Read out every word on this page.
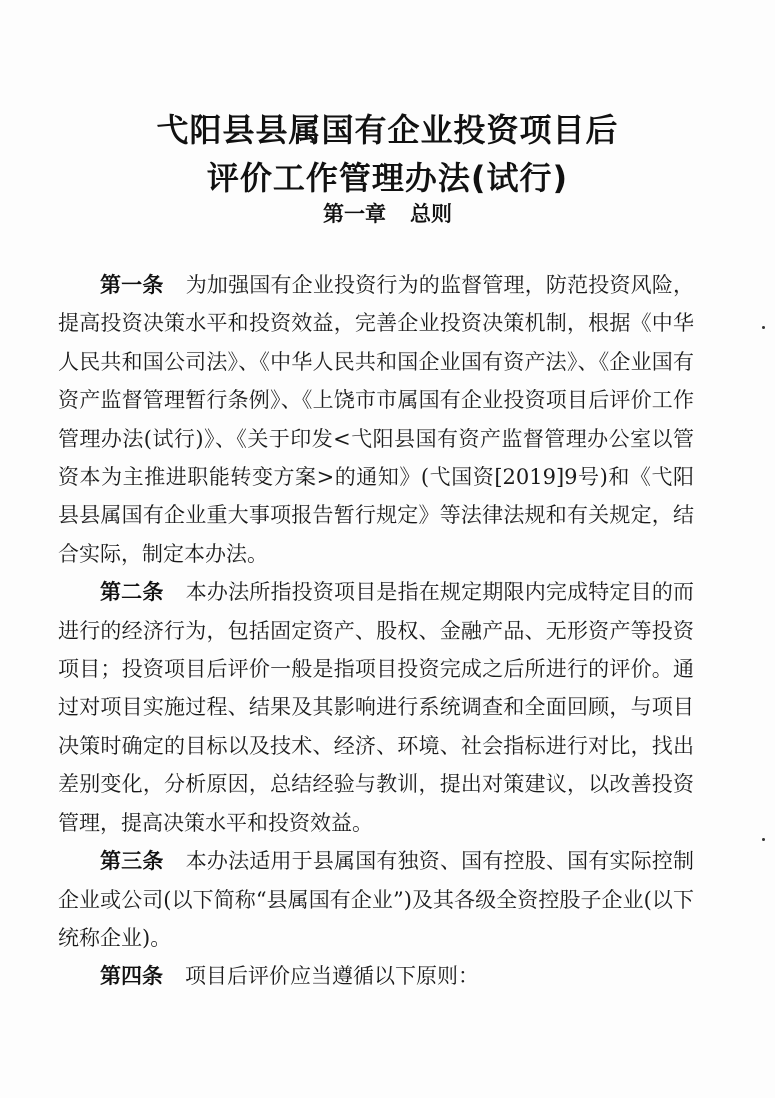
弋阳县县属国有企业投资项目后
评价工作管理办法(试行)
第一章 总则

第一条 为加强国有企业投资行为的监督管理，防范投资风险，提高投资决策水平和投资效益，完善企业投资决策机制，根据《中华人民共和国公司法》、《中华人民共和国企业国有资产法》、《企业国有资产监督管理暂行条例》、《上饶市市属国有企业投资项目后评价工作管理办法(试行)》、《关于印发<弋阳县国有资产监督管理办公室以管资本为主推进职能转变方案>的通知》(弋国资[2019]9号)和《弋阳县县属国有企业重大事项报告暂行规定》等法律法规和有关规定，结合实际，制定本办法。

第二条 本办法所指投资项目是指在规定期限内完成特定目的而进行的经济行为，包括固定资产、股权、金融产品、无形资产等投资项目；投资项目后评价一般是指项目投资完成之后所进行的评价。通过对项目实施过程、结果及其影响进行系统调查和全面回顾，与项目决策时确定的目标以及技术、经济、环境、社会指标进行对比，找出差别变化，分析原因，总结经验与教训，提出对策建议，以改善投资管理，提高决策水平和投资效益。

第三条 本办法适用于县属国有独资、国有控股、国有实际控制企业或公司(以下简称“县属国有企业”)及其各级全资控股子企业(以下统称企业)。

第四条 项目后评价应当遵循以下原则：
